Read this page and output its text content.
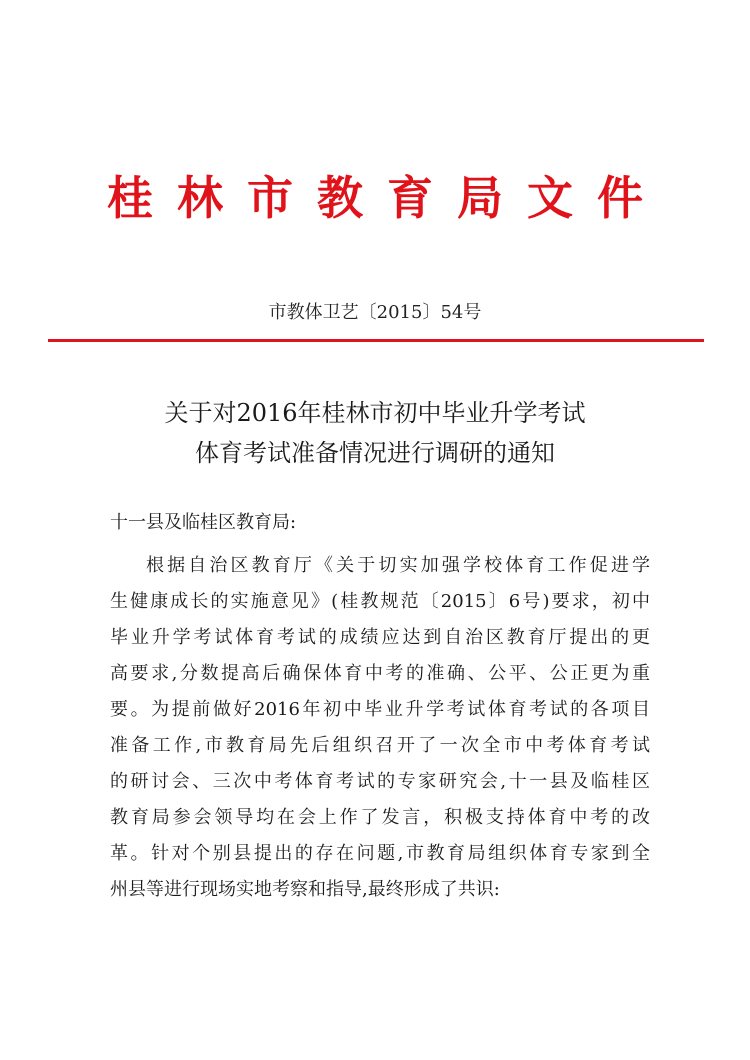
桂林市教育局文件
市教体卫艺〔2015〕54号
关于对2016年桂林市初中毕业升学考试
体育考试准备情况进行调研的通知
十一县及临桂区教育局:
根据自治区教育厅《关于切实加强学校体育工作促进学
生健康成长的实施意见》(桂教规范〔2015〕6号)要求，初中
毕业升学考试体育考试的成绩应达到自治区教育厅提出的更
高要求,分数提高后确保体育中考的准确、公平、公正更为重
要。为提前做好2016年初中毕业升学考试体育考试的各项目
准备工作,市教育局先后组织召开了一次全市中考体育考试
的研讨会、三次中考体育考试的专家研究会,十一县及临桂区
教育局参会领导均在会上作了发言，积极支持体育中考的改
革。针对个别县提出的存在问题,市教育局组织体育专家到全
州县等进行现场实地考察和指导,最终形成了共识:
